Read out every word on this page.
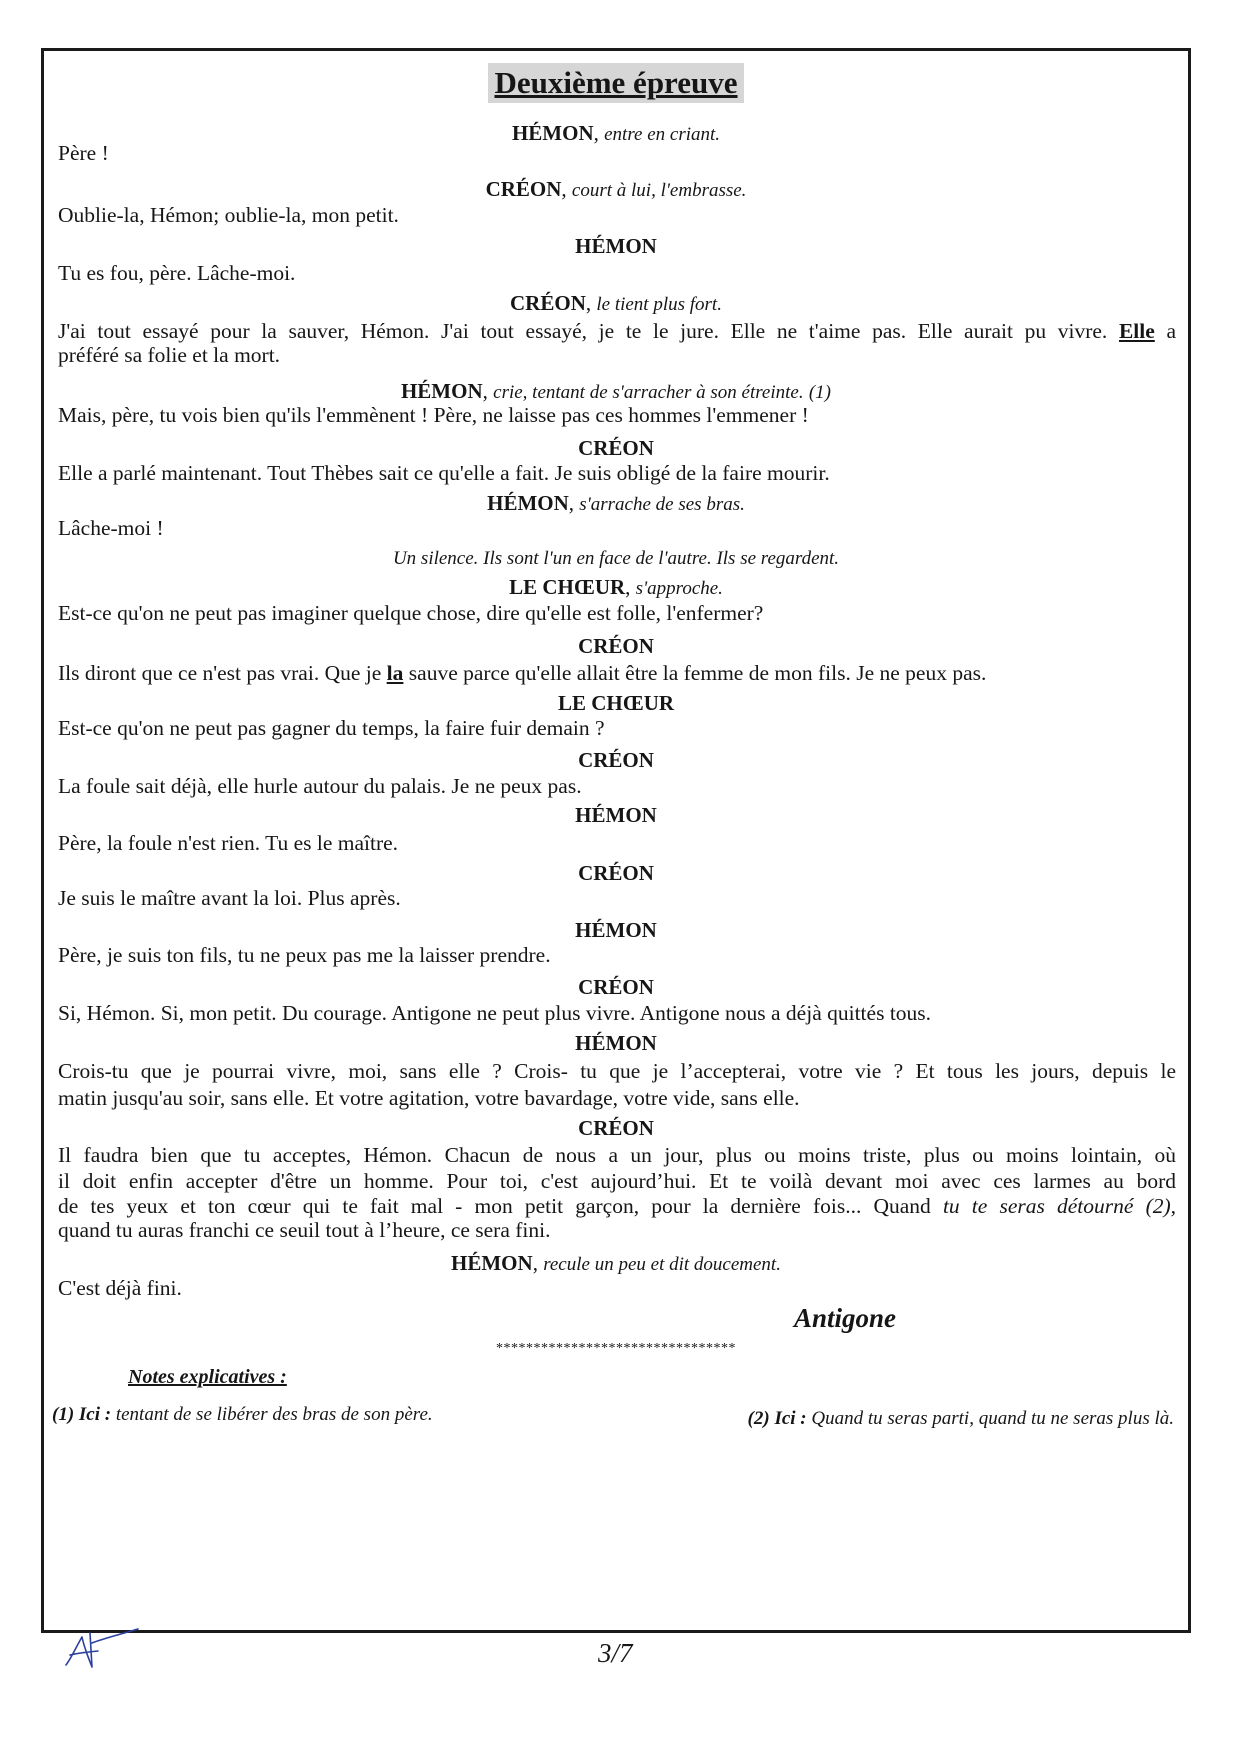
Deuxième épreuve
HÉMON, entre en criant.
Père !
CRÉON, court à lui, l'embrasse.
Oublie-la, Hémon; oublie-la, mon petit.
HÉMON
Tu es fou, père. Lâche-moi.
CRÉON, le tient plus fort.
J'ai tout essayé pour la sauver, Hémon. J'ai tout essayé, je te le jure. Elle ne t'aime pas. Elle aurait pu vivre. Elle a
préféré sa folie et la mort.
HÉMON, crie, tentant de s'arracher à son étreinte. (1)
Mais, père, tu vois bien qu'ils l'emmènent ! Père, ne laisse pas ces hommes l'emmener !
CRÉON
Elle a parlé maintenant. Tout Thèbes sait ce qu'elle a fait. Je suis obligé de la faire mourir.
HÉMON, s'arrache de ses bras.
Lâche-moi !
Un silence. Ils sont l'un en face de l'autre. Ils se regardent.
LE CHŒUR, s'approche.
Est-ce qu'on ne peut pas imaginer quelque chose, dire qu'elle est folle, l'enfermer?
CRÉON
Ils diront que ce n'est pas vrai. Que je la sauve parce qu'elle allait être la femme de mon fils. Je ne peux pas.
LE CHŒUR
Est-ce qu'on ne peut pas gagner du temps, la faire fuir demain ?
CRÉON
La foule sait déjà, elle hurle autour du palais. Je ne peux pas.
HÉMON
Père, la foule n'est rien. Tu es le maître.
CRÉON
Je suis le maître avant la loi. Plus après.
HÉMON
Père, je suis ton fils, tu ne peux pas me la laisser prendre.
CRÉON
Si, Hémon. Si, mon petit. Du courage. Antigone ne peut plus vivre. Antigone nous a déjà quittés tous.
HÉMON
Crois-tu que je pourrai vivre, moi, sans elle ? Crois- tu que je l’accepterai, votre vie ? Et tous les jours, depuis le
matin jusqu'au soir, sans elle. Et votre agitation, votre bavardage, votre vide, sans elle.
CRÉON
Il faudra bien que tu acceptes, Hémon. Chacun de nous a un jour, plus ou moins triste, plus ou moins lointain, où
il doit enfin accepter d'être un homme. Pour toi, c'est aujourd’hui. Et te voilà devant moi avec ces larmes au bord
de tes yeux et ton cœur qui te fait mal - mon petit garçon, pour la dernière fois... Quand tu te seras détourné (2),
quand tu auras franchi ce seuil tout à l’heure, ce sera fini.
HÉMON, recule un peu et dit doucement.
C'est déjà fini.
Antigone
********************************
Notes explicatives :
(1) Ici : tentant de se libérer des bras de son père.	(2) Ici : Quand tu seras parti, quand tu ne seras plus là.
3/7
